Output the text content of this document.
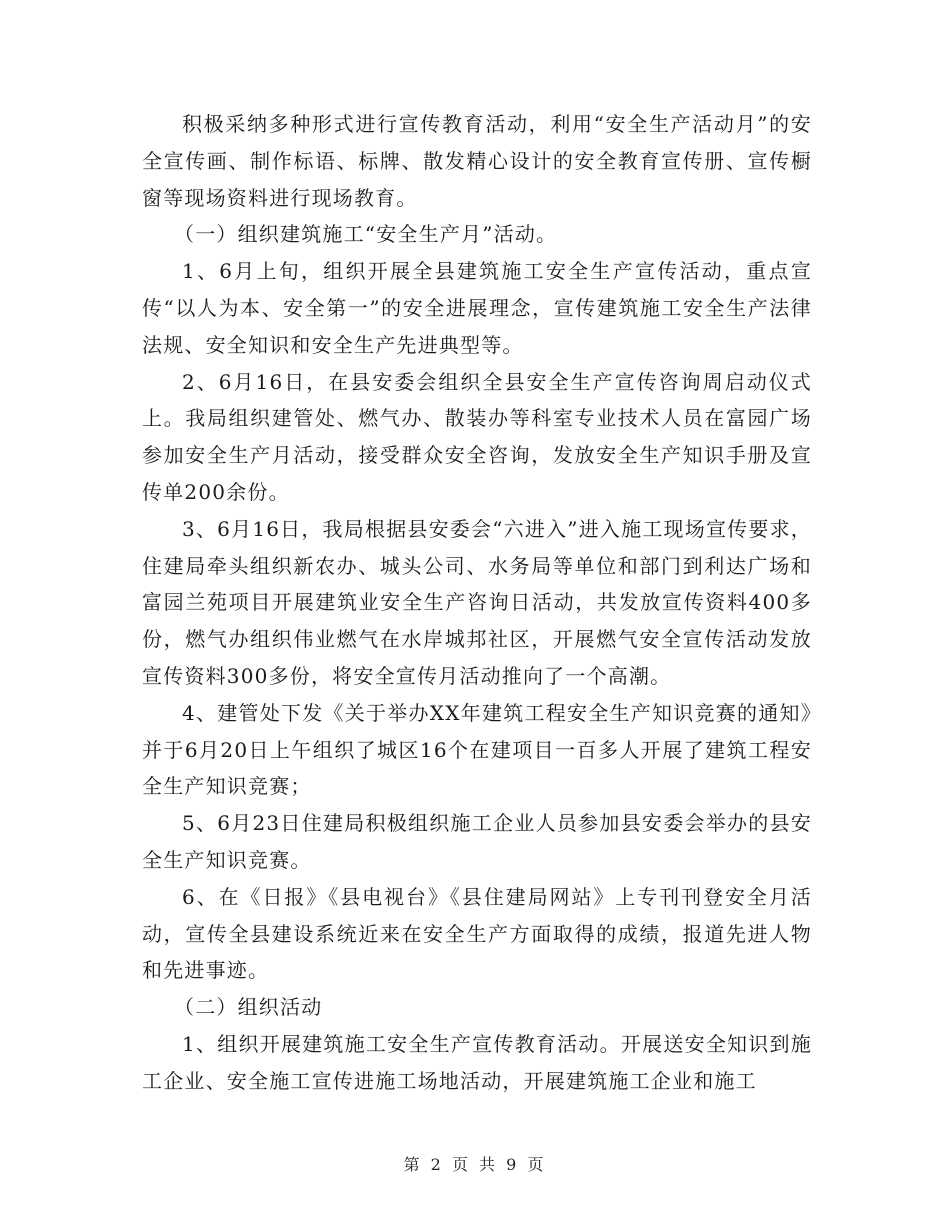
积极采纳多种形式进行宣传教育活动，利用“安全生产活动月”的安全宣传画、制作标语、标牌、散发精心设计的安全教育宣传册、宣传橱窗等现场资料进行现场教育。

（一）组织建筑施工“安全生产月”活动。

1、6月上旬，组织开展全县建筑施工安全生产宣传活动，重点宣传“以人为本、安全第一”的安全进展理念，宣传建筑施工安全生产法律法规、安全知识和安全生产先进典型等。

2、6月16日，在县安委会组织全县安全生产宣传咨询周启动仪式上。我局组织建管处、燃气办、散装办等科室专业技术人员在富园广场参加安全生产月活动，接受群众安全咨询，发放安全生产知识手册及宣传单200余份。

3、6月16日，我局根据县安委会“六进入”进入施工现场宣传要求，住建局牵头组织新农办、城头公司、水务局等单位和部门到利达广场和富园兰苑项目开展建筑业安全生产咨询日活动，共发放宣传资料400多份，燃气办组织伟业燃气在水岸城邦社区，开展燃气安全宣传活动发放宣传资料300多份，将安全宣传月活动推向了一个高潮。

4、建管处下发《关于举办XX年建筑工程安全生产知识竞赛的通知》并于6月20日上午组织了城区16个在建项目一百多人开展了建筑工程安全生产知识竞赛；

5、6月23日住建局积极组织施工企业人员参加县安委会举办的县安全生产知识竞赛。

6、在《日报》《县电视台》《县住建局网站》上专刊刊登安全月活动，宣传全县建设系统近来在安全生产方面取得的成绩，报道先进人物和先进事迹。

（二）组织活动

1、组织开展建筑施工安全生产宣传教育活动。开展送安全知识到施工企业、安全施工宣传进施工场地活动，开展建筑施工企业和施工

第 2 页 共 9 页
